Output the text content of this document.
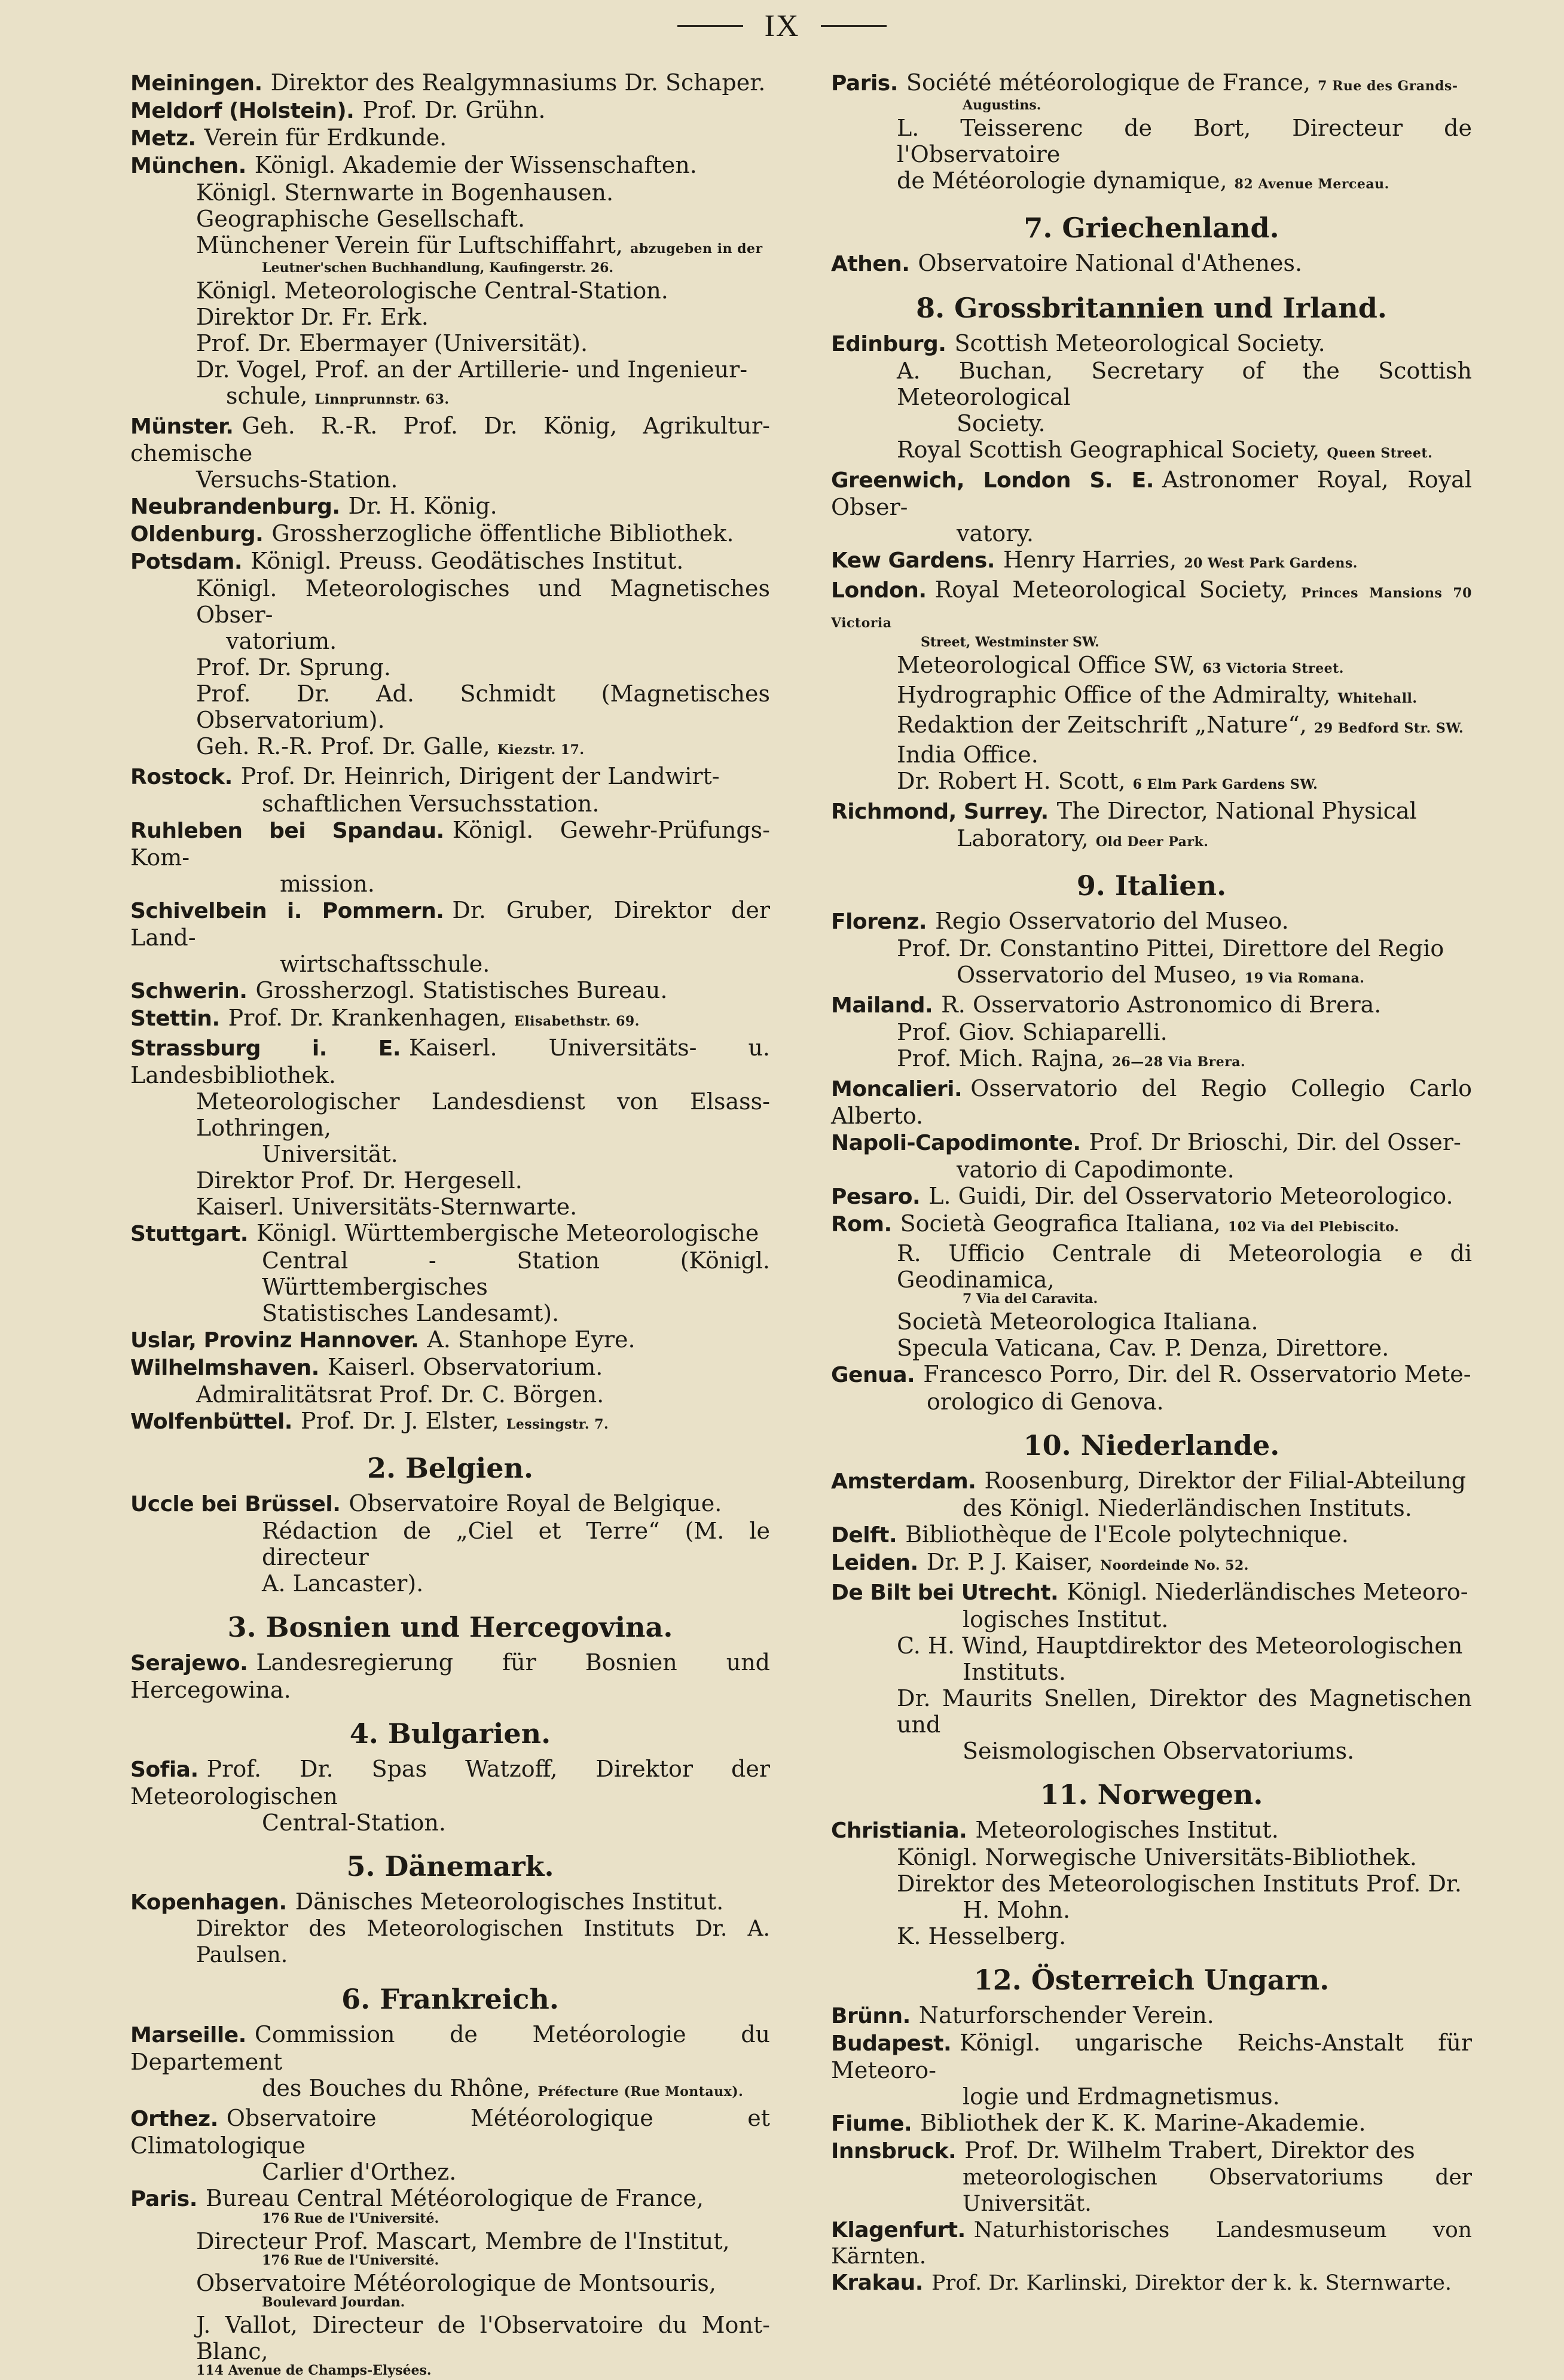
IX

Meiningen. Direktor des Realgymnasiums Dr. Schaper.

Meldorf (Holstein). Prof. Dr. Grühn.

Metz. Verein für Erdkunde.

München. Königl. Akademie der Wissenschaften.

Königl. Sternwarte in Bogenhausen.

Geographische Gesellschaft.

Münchener Verein für Luftschiffahrt, abzugeben in der

Leutner'schen Buchhandlung, Kaufingerstr. 26.

Königl. Meteorologische Central-Station.

Direktor Dr. Fr. Erk.

Prof. Dr. Ebermayer (Universität).

Dr. Vogel, Prof. an der Artillerie- und Ingenieur-

schule, Linnprunnstr. 63.

Münster. Geh. R.-R. Prof. Dr. König, Agrikultur-chemische

Versuchs-Station.

Neubrandenburg. Dr. H. König.

Oldenburg. Grossherzogliche öffentliche Bibliothek.

Potsdam. Königl. Preuss. Geodätisches Institut.

Königl. Meteorologisches und Magnetisches Obser-

vatorium.

Prof. Dr. Sprung.

Prof. Dr. Ad. Schmidt (Magnetisches Observatorium).

Geh. R.-R. Prof. Dr. Galle, Kiezstr. 17.

Rostock. Prof. Dr. Heinrich, Dirigent der Landwirt-

schaftlichen Versuchsstation.

Ruhleben bei Spandau. Königl. Gewehr-Prüfungs-Kom-

mission.

Schivelbein i. Pommern. Dr. Gruber, Direktor der Land-

wirtschaftsschule.

Schwerin. Grossherzogl. Statistisches Bureau.

Stettin. Prof. Dr. Krankenhagen, Elisabethstr. 69.

Strassburg i. E. Kaiserl. Universitäts- u. Landesbibliothek.

Meteorologischer Landesdienst von Elsass-Lothringen,

Universität.

Direktor Prof. Dr. Hergesell.

Kaiserl. Universitäts-Sternwarte.

Stuttgart. Königl. Württembergische Meteorologische

Central - Station (Königl. Württembergisches

Statistisches Landesamt).

Uslar, Provinz Hannover. A. Stanhope Eyre.

Wilhelmshaven. Kaiserl. Observatorium.

Admiralitätsrat Prof. Dr. C. Börgen.

Wolfenbüttel. Prof. Dr. J. Elster, Lessingstr. 7.

2. Belgien.

Uccle bei Brüssel. Observatoire Royal de Belgique.

Rédaction de „Ciel et Terre“ (M. le directeur

A. Lancaster).

3. Bosnien und Hercegovina.

Serajewo. Landesregierung für Bosnien und Hercegowina.

4. Bulgarien.

Sofia. Prof. Dr. Spas Watzoff, Direktor der Meteorologischen

Central-Station.

5. Dänemark.

Kopenhagen. Dänisches Meteorologisches Institut.

Direktor des Meteorologischen Instituts Dr. A. Paulsen.

6. Frankreich.

Marseille. Commission de Metéorologie du Departement

des Bouches du Rhône, Préfecture (Rue Montaux).

Orthez. Observatoire Météorologique et Climatologique

Carlier d'Orthez.

Paris. Bureau Central Météorologique de France,

176 Rue de l'Université.

Directeur Prof. Mascart, Membre de l'Institut,

176 Rue de l'Université.

Observatoire Météorologique de Montsouris,

Boulevard Jourdan.

J. Vallot, Directeur de l'Observatoire du Mont-Blanc,

114 Avenue de Champs-Elysées.

Paris. Société météorologique de France, 7 Rue des Grands-

Augustins.

L. Teisserenc de Bort, Directeur de l'Observatoire

de Météorologie dynamique, 82 Avenue Merceau.

7. Griechenland.

Athen. Observatoire National d'Athenes.

8. Grossbritannien und Irland.

Edinburg. Scottish Meteorological Society.

A. Buchan, Secretary of the Scottish Meteorological

Society.

Royal Scottish Geographical Society, Queen Street.

Greenwich, London S. E. Astronomer Royal, Royal Obser-

vatory.

Kew Gardens. Henry Harries, 20 West Park Gardens.

London. Royal Meteorological Society, Princes Mansions 70 Victoria

Street, Westminster SW.

Meteorological Office SW, 63 Victoria Street.

Hydrographic Office of the Admiralty, Whitehall.

Redaktion der Zeitschrift „Nature“, 29 Bedford Str. SW.

India Office.

Dr. Robert H. Scott, 6 Elm Park Gardens SW.

Richmond, Surrey. The Director, National Physical

Laboratory, Old Deer Park.

9. Italien.

Florenz. Regio Osservatorio del Museo.

Prof. Dr. Constantino Pittei, Direttore del Regio

Osservatorio del Museo, 19 Via Romana.

Mailand. R. Osservatorio Astronomico di Brera.

Prof. Giov. Schiaparelli.

Prof. Mich. Rajna, 26—28 Via Brera.

Moncalieri. Osservatorio del Regio Collegio Carlo Alberto.

Napoli-Capodimonte. Prof. Dr Brioschi, Dir. del Osser-

vatorio di Capodimonte.

Pesaro. L. Guidi, Dir. del Osservatorio Meteorologico.

Rom. Società Geografica Italiana, 102 Via del Plebiscito.

R. Ufficio Centrale di Meteorologia e di Geodinamica,

7 Via del Caravita.

Società Meteorologica Italiana.

Specula Vaticana, Cav. P. Denza, Direttore.

Genua. Francesco Porro, Dir. del R. Osservatorio Mete-

orologico di Genova.

10. Niederlande.

Amsterdam. Roosenburg, Direktor der Filial-Abteilung

des Königl. Niederländischen Instituts.

Delft. Bibliothèque de l'Ecole polytechnique.

Leiden. Dr. P. J. Kaiser, Noordeinde No. 52.

De Bilt bei Utrecht. Königl. Niederländisches Meteoro-

logisches Institut.

C. H. Wind, Hauptdirektor des Meteorologischen

Instituts.

Dr. Maurits Snellen, Direktor des Magnetischen und

Seismologischen Observatoriums.

11. Norwegen.

Christiania. Meteorologisches Institut.

Königl. Norwegische Universitäts-Bibliothek.

Direktor des Meteorologischen Instituts Prof. Dr.

H. Mohn.

K. Hesselberg.

12. Österreich Ungarn.

Brünn. Naturforschender Verein.

Budapest. Königl. ungarische Reichs-Anstalt für Meteoro-

logie und Erdmagnetismus.

Fiume. Bibliothek der K. K. Marine-Akademie.

Innsbruck. Prof. Dr. Wilhelm Trabert, Direktor des

meteorologischen Observatoriums der Universität.

Klagenfurt. Naturhistorisches Landesmuseum von Kärnten.

Krakau. Prof. Dr. Karlinski, Direktor der k. k. Sternwarte.
